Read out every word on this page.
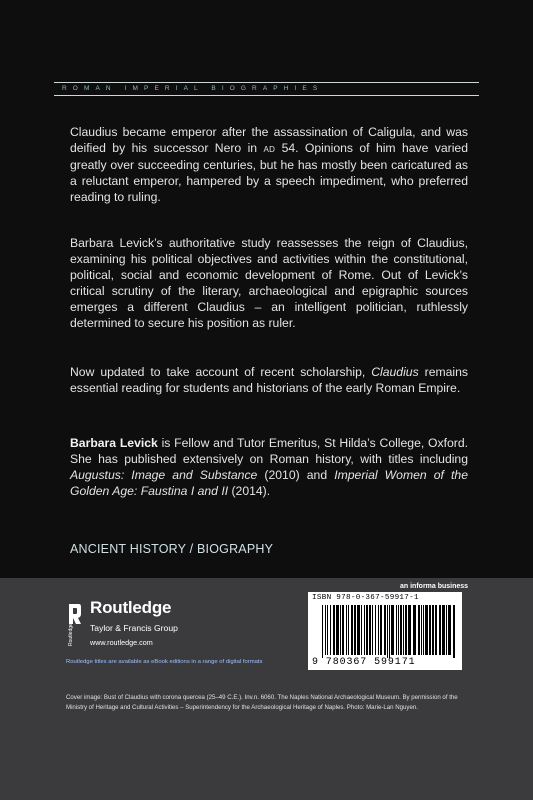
ROMAN IMPERIAL BIOGRAPHIES

Claudius became emperor after the assassination of Caligula, and was deified by his successor Nero in AD 54. Opinions of him have varied greatly over succeeding centuries, but he has mostly been caricatured as a reluctant emperor, hampered by a speech impediment, who preferred reading to ruling.

Barbara Levick’s authoritative study reassesses the reign of Claudius, examining his political objectives and activities within the constitutional, political, social and economic development of Rome. Out of Levick’s critical scrutiny of the literary, archaeological and epigraphic sources emerges a different Claudius – an intelligent politician, ruthlessly determined to secure his position as ruler.

Now updated to take account of recent scholarship, Claudius remains essential reading for students and historians of the early Roman Empire.

Barbara Levick is Fellow and Tutor Emeritus, St Hilda’s College, Oxford. She has published extensively on Roman history, with titles including Augustus: Image and Substance (2010) and Imperial Women of the Golden Age: Faustina I and II (2014).

ANCIENT HISTORY / BIOGRAPHY
Routledge
Routledge
Taylor & Francis Group
www.routledge.com
an informa business
ISBN 978-0-367-59917-1
9 780367 599171
Routledge titles are available as eBook editions in a range of digital formats

Cover image: Bust of Claudius with corona quercea (25–49 C.E.). Inv.n. 6060. The Naples National Archaeological Museum. By permission of the Ministry of Heritage and Cultural Activities – Superintendency for the Archaeological Heritage of Naples. Photo: Marie-Lan Nguyen.
